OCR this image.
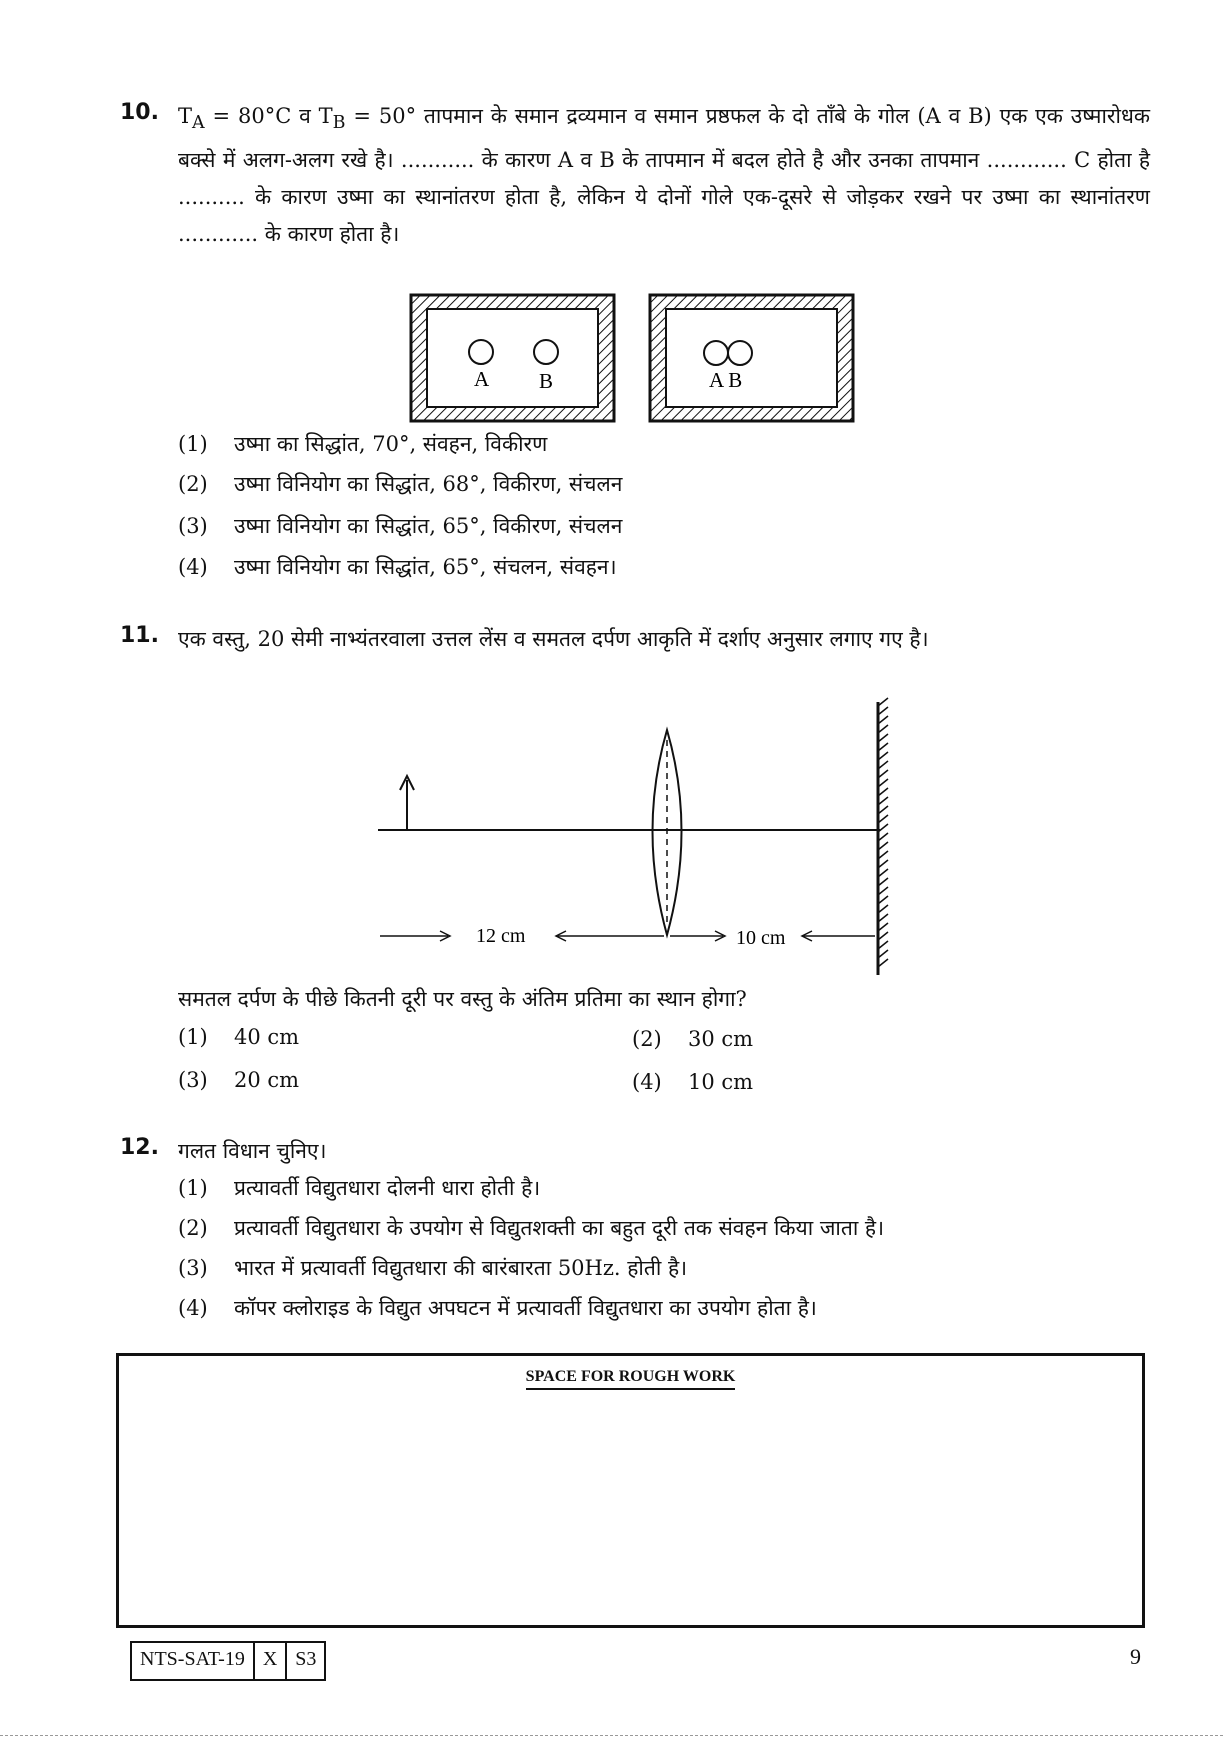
10. $T_A = 80^\circ C$ व $T_B = 50^\circ$ तापमान के समान द्रव्यमान व समान प्रष्ठफल के दो ताँबे के गोल (A व B) एक एक उष्मारोधक बक्से में अलग-अलग रखे है। ........... के कारण A व B के तापमान में बदल होते है और उनका तापमान ............ C होता है .......... के कारण उष्मा का स्थानांतरण होता है, लेकिन ये दोनों गोले एक-दूसरे से जोड़कर रखने पर उष्मा का स्थानांतरण ............ के कारण होता है।
A B	A B
(1) उष्मा का सिद्धांत, 70°, संवहन, विकीरण
(2) उष्मा विनियोग का सिद्धांत, 68°, विकीरण, संचलन
(3) उष्मा विनियोग का सिद्धांत, 65°, विकीरण, संचलन
(4) उष्मा विनियोग का सिद्धांत, 65°, संचलन, संवहन।
11. एक वस्तु, 20 सेमी नाभ्यंतरवाला उत्तल लेंस व समतल दर्पण आकृति में दर्शाए अनुसार लगाए गए है।
12 cm	10 cm
समतल दर्पण के पीछे कितनी दूरी पर वस्तु के अंतिम प्रतिमा का स्थान होगा?
(1) 40 cm	(2) 30 cm
(3) 20 cm	(4) 10 cm
12. गलत विधान चुनिए।
(1) प्रत्यावर्ती विद्युतधारा दोलनी धारा होती है।
(2) प्रत्यावर्ती विद्युतधारा के उपयोग से विद्युतशक्ती का बहुत दूरी तक संवहन किया जाता है।
(3) भारत में प्रत्यावर्ती विद्युतधारा की बारंबारता 50Hz. होती है।
(4) कॉपर क्लोराइड के विद्युत अपघटन में प्रत्यावर्ती विद्युतधारा का उपयोग होता है।
SPACE FOR ROUGH WORK
NTS-SAT-19 X S3	9
